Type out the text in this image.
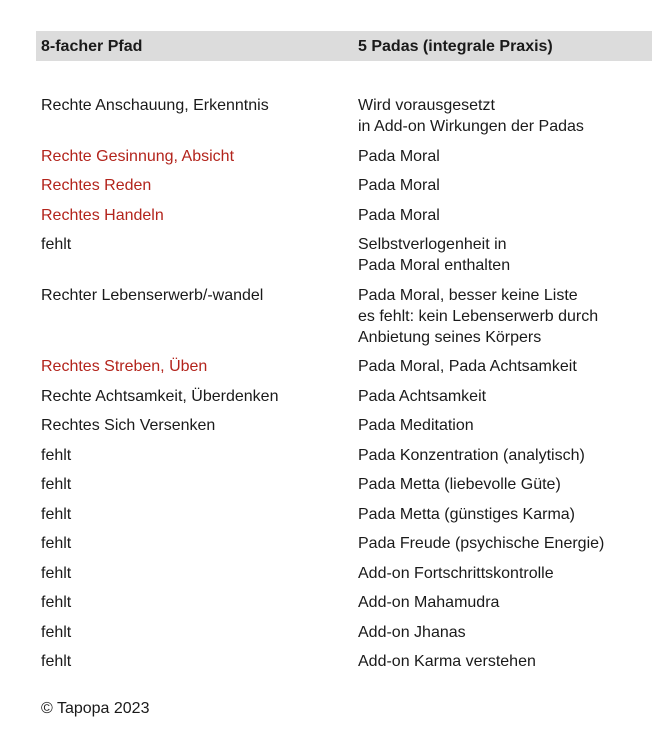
8-facher Pfad	5 Padas (integrale Praxis)
Rechte Anschauung, Erkenntnis	Wird vorausgesetzt
in Add-on Wirkungen der Padas
Rechte Gesinnung, Absicht	Pada Moral
Rechtes Reden	Pada Moral
Rechtes Handeln	Pada Moral
fehlt	Selbstverlogenheit in
Pada Moral enthalten
Rechter Lebenserwerb/-wandel	Pada Moral, besser keine Liste
es fehlt: kein Lebenserwerb durch
Anbietung seines Körpers
Rechtes Streben, Üben	Pada Moral, Pada Achtsamkeit
Rechte Achtsamkeit, Überdenken	Pada Achtsamkeit
Rechtes Sich Versenken	Pada Meditation
fehlt	Pada Konzentration (analytisch)
fehlt	Pada Metta (liebevolle Güte)
fehlt	Pada Metta (günstiges Karma)
fehlt	Pada Freude (psychische Energie)
fehlt	Add-on Fortschrittskontrolle
fehlt	Add-on Mahamudra
fehlt	Add-on Jhanas
fehlt	Add-on Karma verstehen
© Tapopa 2023
